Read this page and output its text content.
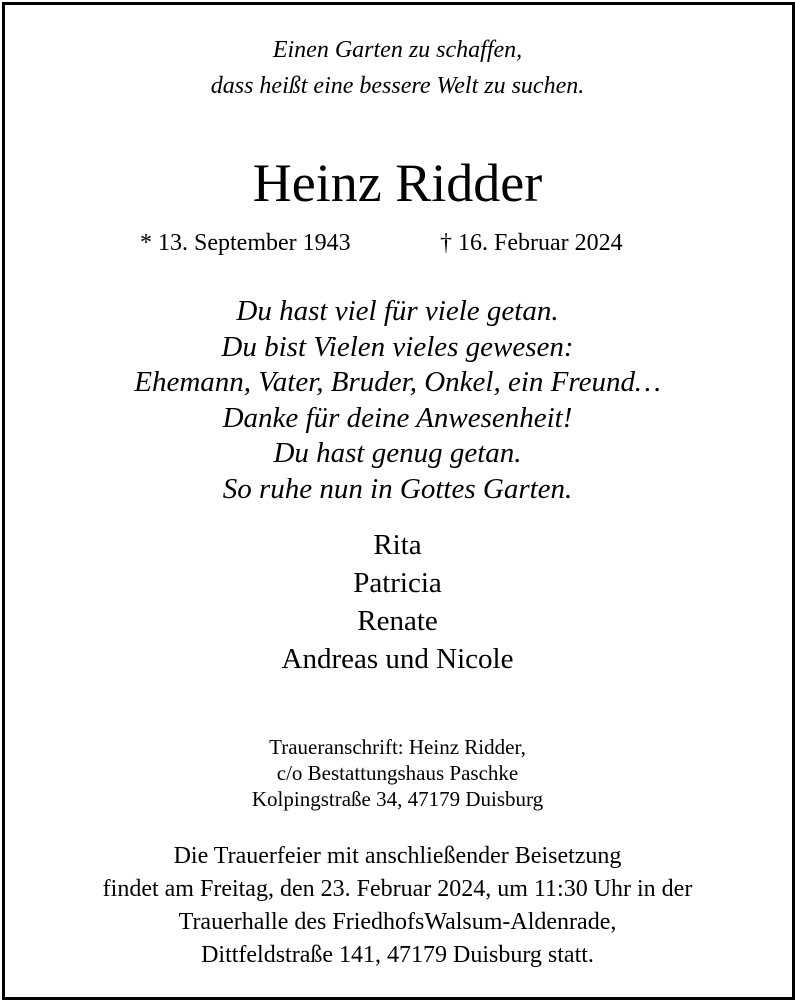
Einen Garten zu schaffen,
dass heißt eine bessere Welt zu suchen.
Heinz Ridder
* 13. September 1943	† 16. Februar 2024
Du hast viel für viele getan.
Du bist Vielen vieles gewesen:
Ehemann, Vater, Bruder, Onkel, ein Freund…
Danke für deine Anwesenheit!
Du hast genug getan.
So ruhe nun in Gottes Garten.
Rita
Patricia
Renate
Andreas und Nicole
Traueranschrift: Heinz Ridder,
c/o Bestattungshaus Paschke
Kolpingstraße 34, 47179 Duisburg
Die Trauerfeier mit anschließender Beisetzung
findet am Freitag, den 23. Februar 2024, um 11:30 Uhr in der
Trauerhalle des FriedhofsWalsum-Aldenrade,
Dittfeldstraße 141, 47179 Duisburg statt.
